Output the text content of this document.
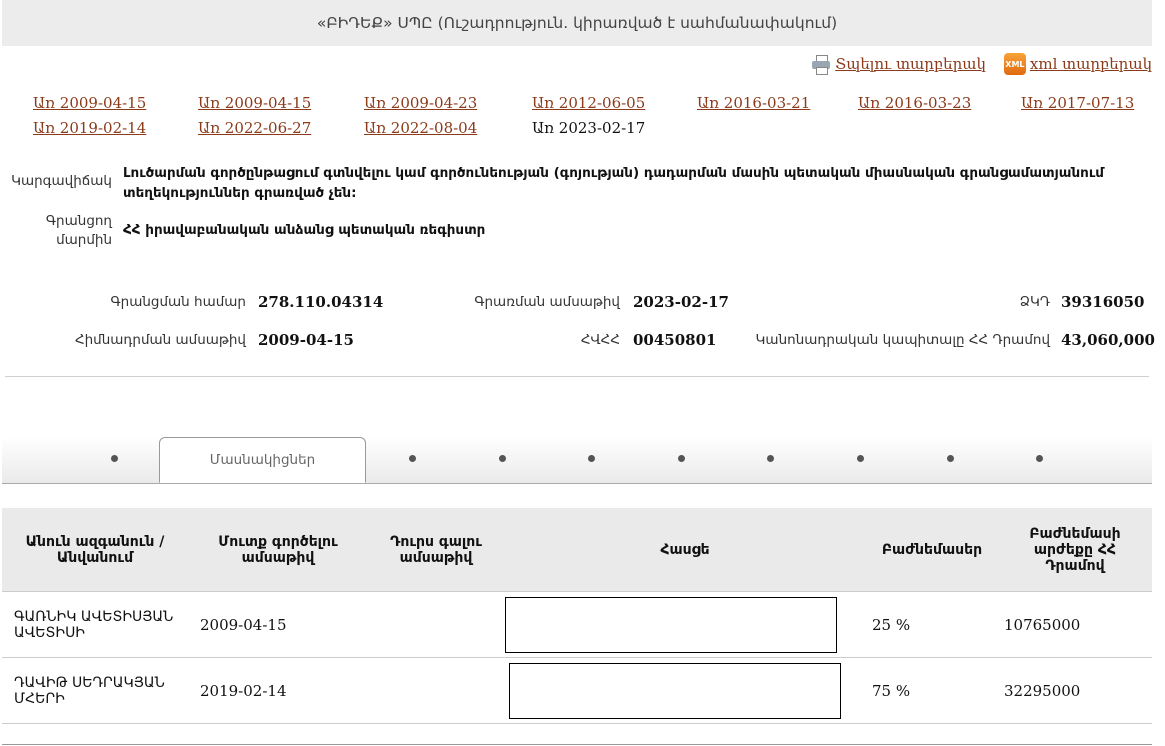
«ԲԻԴԵՔ» ՍՊԸ (Ուշադրություն. կիրառված է սահմանափակում)
Տպելու տարբերակ XML xml տարբերակ
Առ 2009-04-15	Առ 2009-04-15	Առ 2009-04-23	Առ 2012-06-05	Առ 2016-03-21	Առ 2016-03-23	Առ 2017-07-13
Առ 2019-02-14	Առ 2022-06-27	Առ 2022-08-04	Առ 2023-02-17
Կարգավիճակ Լուծարման գործընթացում գտնվելու կամ գործունեության (գոյության) դադարման մասին պետական միասնական գրանցամատյանում տեղեկություններ գրառված չեն:
Գրանցող մարմին
ՀՀ իրավաբանական անձանց պետական ռեգիստր
Գրանցման համար 278.110.04314	Գրառման ամսաթիվ 2023-02-17	ՁԿԴ 39316050
Հիմնադրման ամսաթիվ 2009-04-15	ՀՎՀՀ 00450801	Կանոնադրական կապիտալը ՀՀ Դրամով 43,060,000
Մասնակիցներ
Անուն ազգանուն / Անվանում	Մուտք գործելու ամսաթիվ	Դուրս գալու ամսաթիվ	Հասցե	Բաժնեմասեր	Բաժնեմասի արժեքը ՀՀ Դրամով
ԳԱՌՆԻԿ ԱՎԵՏԻՍՅԱՆ ԱՎԵՏԻՍԻ	2009-04-15			25 %	10765000
ԴԱՎԻԹ ՍԵԴՐԱԿՅԱՆ ՄՀԵՐԻ	2019-02-14			75 %	32295000
